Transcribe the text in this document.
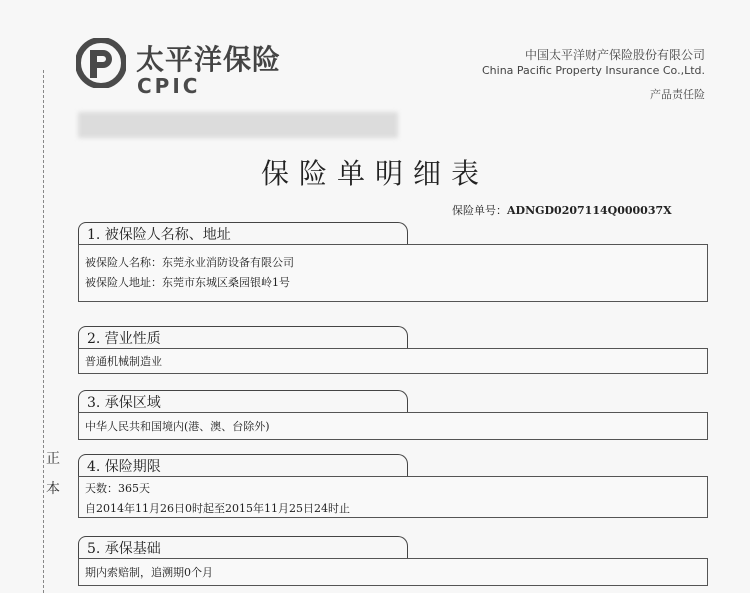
正
本
太平洋保险
CPIC
中国太平洋财产保险股份有限公司
China Pacific Property Insurance Co.,Ltd.
产品责任险
保险单明细表
保险单号：ADNGD0207114Q000037X
1. 被保险人名称、地址
被保险人名称：东莞永业消防设备有限公司
被保险人地址：东莞市东城区桑园银岭1号
2. 营业性质
普通机械制造业
3. 承保区域
中华人民共和国境内(港、澳、台除外)
4. 保险期限
天数：365天
自2014年11月26日0时起至2015年11月25日24时止
5. 承保基础
期内索赔制，追溯期0个月
